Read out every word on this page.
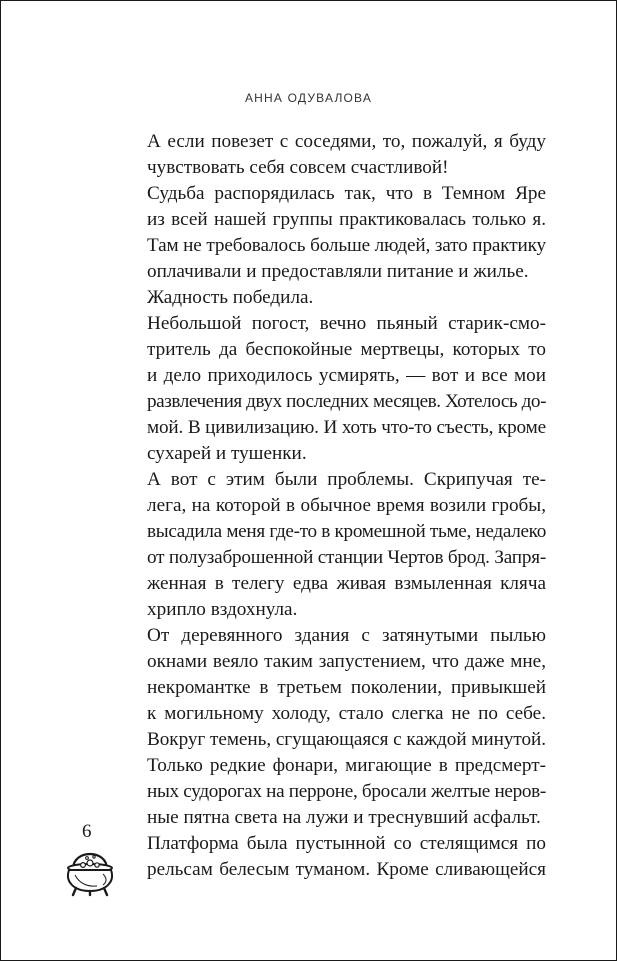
АННА ОДУВАЛОВА
А если повезет с соседями, то, пожалуй, я буду
чувствовать себя совсем счастливой!
Судьба распорядилась так, что в Темном Яре
из всей нашей группы практиковалась только я.
Там не требовалось больше людей, зато практику
оплачивали и предоставляли питание и жилье.
Жадность победила.
Небольшой погост, вечно пьяный старик-смо-
тритель да беспокойные мертвецы, которых то
и дело приходилось усмирять, — вот и все мои
развлечения двух последних месяцев. Хотелось до-
мой. В цивилизацию. И хоть что-то съесть, кроме
сухарей и тушенки.
А вот с этим были проблемы. Скрипучая те-
лега, на которой в обычное время возили гробы,
высадила меня где-то в кромешной тьме, недалеко
от полузаброшенной станции Чертов брод. Запря-
женная в телегу едва живая взмыленная кляча
хрипло вздохнула.
От деревянного здания с затянутыми пылью
окнами веяло таким запустением, что даже мне,
некромантке в третьем поколении, привыкшей
к могильному холоду, стало слегка не по себе.
Вокруг темень, сгущающаяся с каждой минутой.
Только редкие фонари, мигающие в предсмерт-
ных судорогах на перроне, бросали желтые неров-
ные пятна света на лужи и треснувший асфальт.
Платформа была пустынной со стелящимся по
рельсам белесым туманом. Кроме сливающейся
6
